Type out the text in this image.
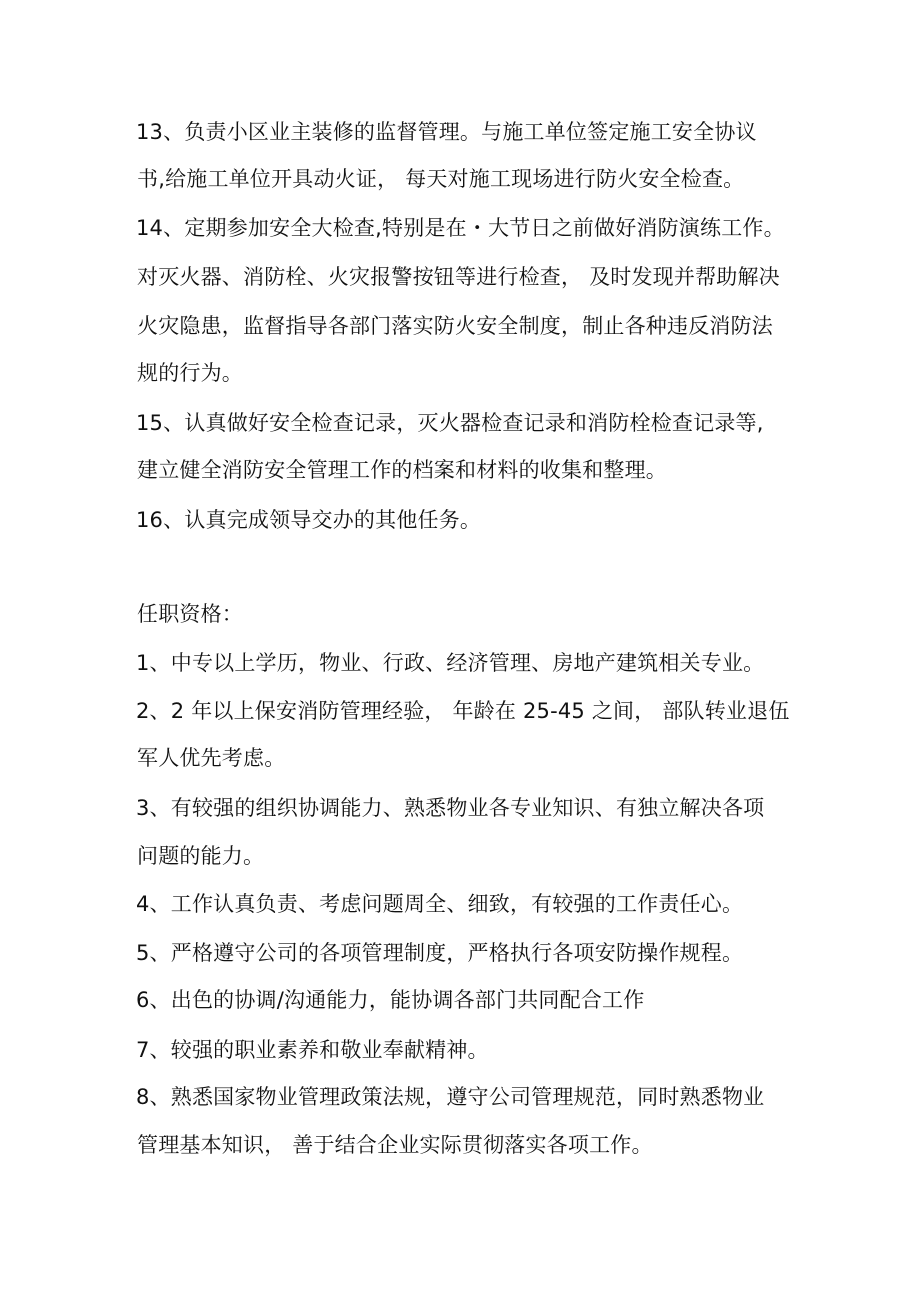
13、负责小区业主装修的监督管理。与施工单位签定施工安全协议
书,给施工单位开具动火证， 每天对施工现场进行防火安全检查。
14、定期参加安全大检查,特别是在・大节日之前做好消防演练工作。
对灭火器、消防栓、火灾报警按钮等进行检查， 及时发现并帮助解决
火灾隐患，监督指导各部门落实防火安全制度，制止各种违反消防法
规的行为。
15、认真做好安全检查记录，灭火器检查记录和消防栓检查记录等,
建立健全消防安全管理工作的档案和材料的收集和整理。
16、认真完成领导交办的其他任务。
任职资格：
1、中专以上学历，物业、行政、经济管理、房地产建筑相关专业。
2、2 年以上保安消防管理经验， 年龄在 25-45 之间， 部队转业退伍
军人优先考虑。
3、有较强的组织协调能力、熟悉物业各专业知识、有独立解决各项
问题的能力。
4、工作认真负责、考虑问题周全、细致，有较强的工作责任心。
5、严格遵守公司的各项管理制度，严格执行各项安防操作规程。
6、出色的协调/沟通能力，能协调各部门共同配合工作
7、较强的职业素养和敬业奉献精神。
8、熟悉国家物业管理政策法规，遵守公司管理规范，同时熟悉物业
管理基本知识， 善于结合企业实际贯彻落实各项工作。
